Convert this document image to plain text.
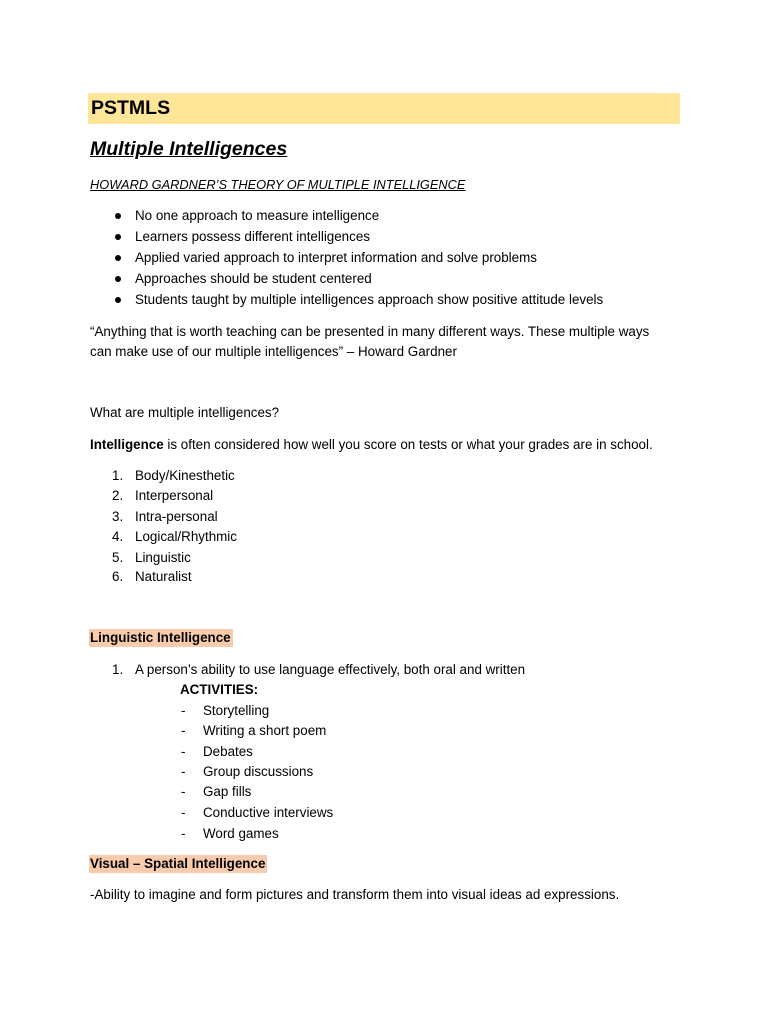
PSTMLS
Multiple Intelligences
HOWARD GARDNER’S THEORY OF MULTIPLE INTELLIGENCE
No one approach to measure intelligence
Learners possess different intelligences
Applied varied approach to interpret information and solve problems
Approaches should be student centered
Students taught by multiple intelligences approach show positive attitude levels
“Anything that is worth teaching can be presented in many different ways. These multiple ways
can make use of our multiple intelligences” – Howard Gardner
What are multiple intelligences?
Intelligence is often considered how well you score on tests or what your grades are in school.
1. Body/Kinesthetic
2. Interpersonal
3. Intra-personal
4. Logical/Rhythmic
5. Linguistic
6. Naturalist
Linguistic Intelligence
1. A person’s ability to use language effectively, both oral and written
ACTIVITIES:
- Storytelling
- Writing a short poem
- Debates
- Group discussions
- Gap fills
- Conductive interviews
- Word games
Visual – Spatial Intelligence
-Ability to imagine and form pictures and transform them into visual ideas ad expressions.
